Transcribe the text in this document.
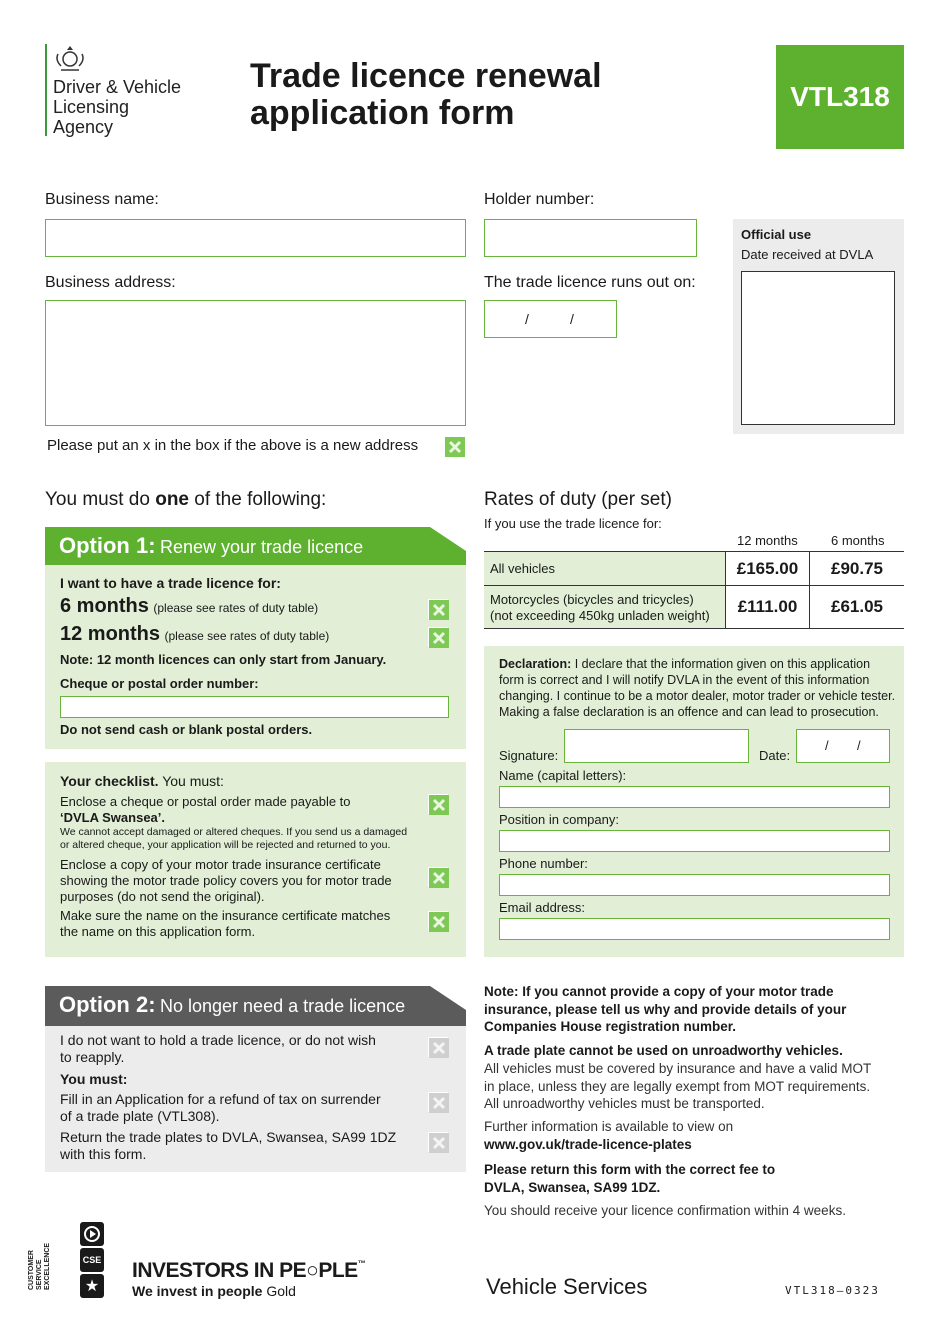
Driver & Vehicle
Licensing
Agency
Trade licence renewal
application form	VTL318
Business name:
Business address:
Please put an x in the box if the above is a new address
Holder number:
The trade licence runs out on:
/	/
Official use
Date received at DVLA
You must do one of the following:
Option 1: Renew your trade licence
I want to have a trade licence for:
6 months (please see rates of duty table)
12 months (please see rates of duty table)
Note: 12 month licences can only start from January.
Cheque or postal order number:
Do not send cash or blank postal orders.
Your checklist. You must:
Enclose a cheque or postal order made payable to
‘DVLA Swansea’.
We cannot accept damaged or altered cheques. If you send us a damaged
or altered cheque, your application will be rejected and returned to you.
Enclose a copy of your motor trade insurance certificate
showing the motor trade policy covers you for motor trade
purposes (do not send the original).
Make sure the name on the insurance certificate matches
the name on this application form.
Option 2: No longer need a trade licence
I do not want to hold a trade licence, or do not wish
to reapply.
You must:
Fill in an Application for a refund of tax on surrender
of a trade plate (VTL308).
Return the trade plates to DVLA, Swansea, SA99 1DZ
with this form.
Rates of duty (per set)
If you use the trade licence for:
12 months	6 months
All vehicles	£165.00	£90.75
Motorcycles (bicycles and tricycles)
(not exceeding 450kg unladen weight)	£111.00	£61.05
Declaration: I declare that the information given on this application
form is correct and I will notify DVLA in the event of this information
changing. I continue to be a motor dealer, motor trader or vehicle tester.
Making a false declaration is an offence and can lead to prosecution.
Signature:	Date:
/ /
Name (capital letters):
Position in company:
Phone number:
Email address:
Note: If you cannot provide a copy of your motor trade
insurance, please tell us why and provide details of your
Companies House registration number.
A trade plate cannot be used on unroadworthy vehicles.
All vehicles must be covered by insurance and have a valid MOT
in place, unless they are legally exempt from MOT requirements.
All unroadworthy vehicles must be transported.
Further information is available to view on
www.gov.uk/trade-licence-plates
Please return this form with the correct fee to
DVLA, Swansea, SA99 1DZ.
You should receive your licence confirmation within 4 weeks.
CUSTOMER SERVICE EXCELLENCE	CSE
★
INVESTORS IN PE○PLE™
We invest in people Gold	Vehicle Services	VTL318–0323
